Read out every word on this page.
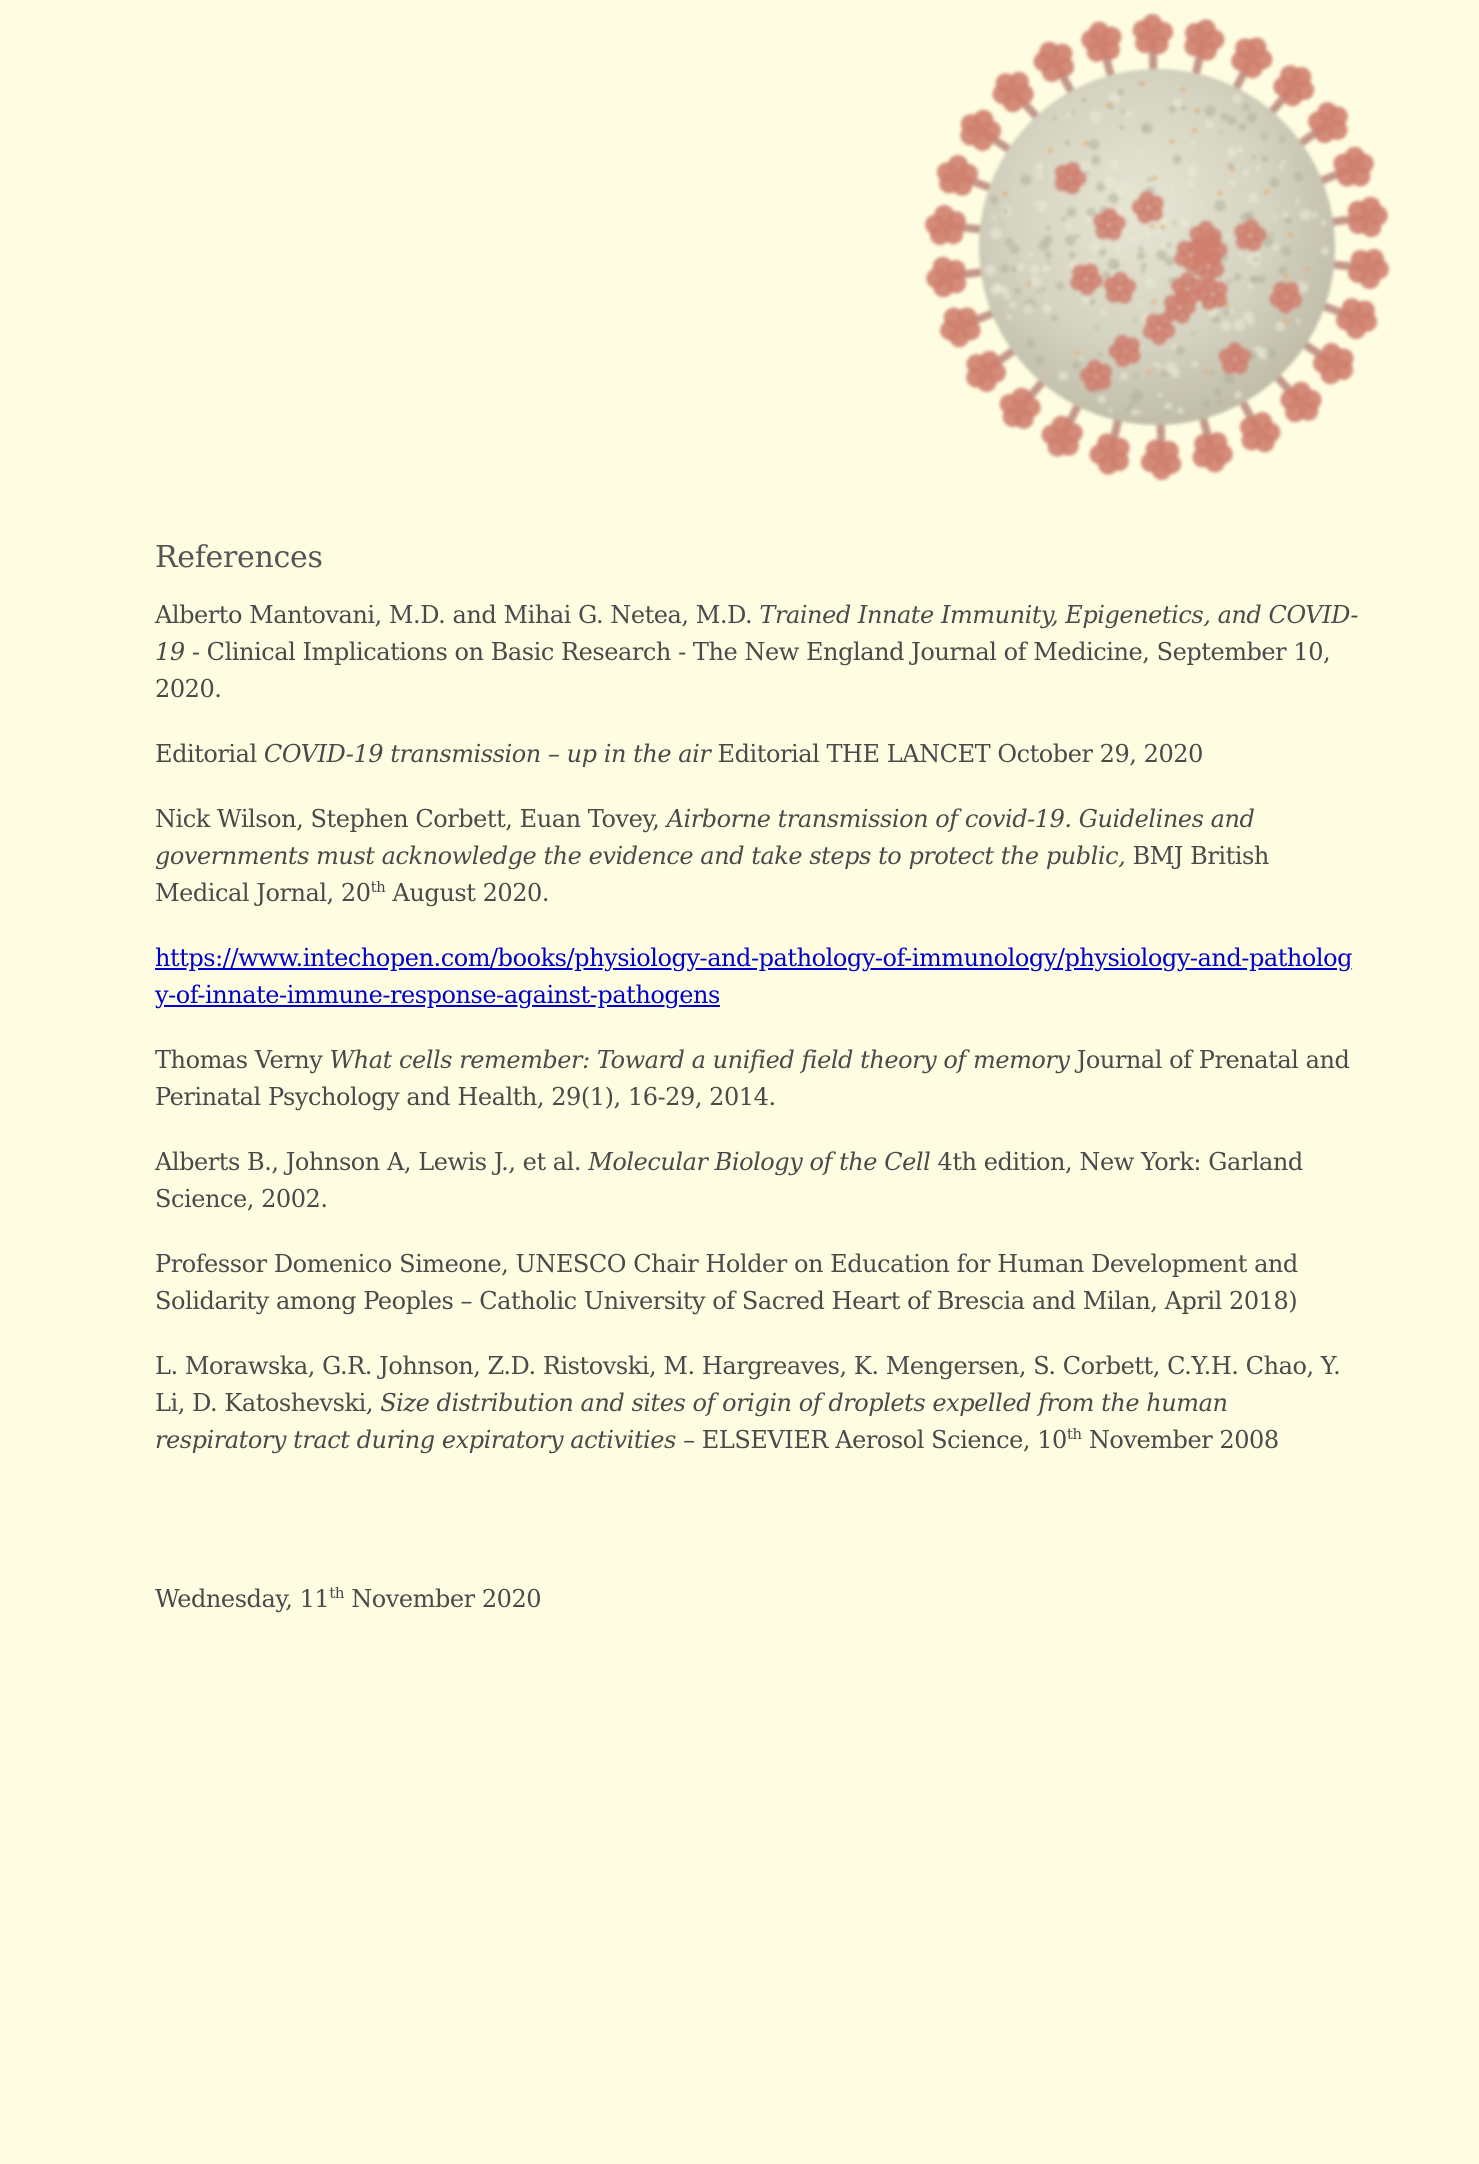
References

Alberto Mantovani, M.D. and Mihai G. Netea, M.D. Trained Innate Immunity, Epigenetics, and COVID-19 - Clinical Implications on Basic Research - The New England Journal of Medicine, September 10, 2020.

Editorial COVID-19 transmission – up in the air Editorial THE LANCET October 29, 2020

Nick Wilson, Stephen Corbett, Euan Tovey, Airborne transmission of covid-19. Guidelines and governments must acknowledge the evidence and take steps to protect the public, BMJ British Medical Jornal, 20th August 2020.

https://www.intechopen.com/books/physiology-and-pathology-of-immunology/physiology-and-pathology-of-innate-immune-response-against-pathogens

Thomas Verny What cells remember: Toward a unified field theory of memory Journal of Prenatal and Perinatal Psychology and Health, 29(1), 16-29, 2014.

Alberts B., Johnson A, Lewis J., et al. Molecular Biology of the Cell 4th edition, New York: Garland Science, 2002.

Professor Domenico Simeone, UNESCO Chair Holder on Education for Human Development and Solidarity among Peoples – Catholic University of Sacred Heart of Brescia and Milan, April 2018)

L. Morawska, G.R. Johnson, Z.D. Ristovski, M. Hargreaves, K. Mengersen, S. Corbett, C.Y.H. Chao, Y. Li, D. Katoshevski, Size distribution and sites of origin of droplets expelled from the human respiratory tract during expiratory activities – ELSEVIER Aerosol Science, 10th November 2008

Wednesday, 11th November 2020
